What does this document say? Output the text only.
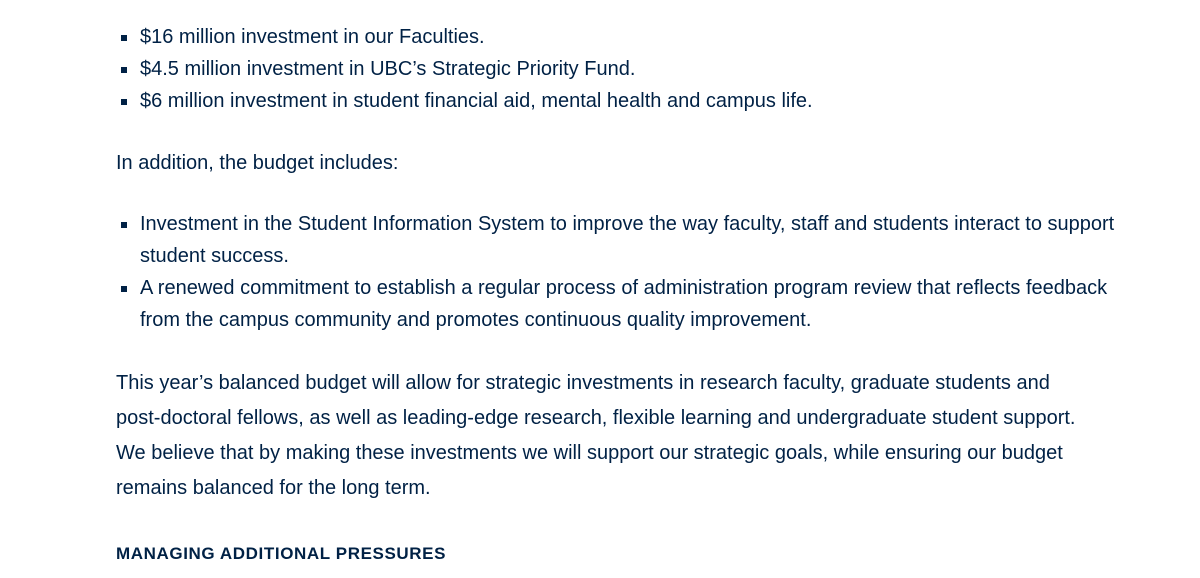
$16 million investment in our Faculties.
$4.5 million investment in UBC’s Strategic Priority Fund.
$6 million investment in student financial aid, mental health and campus life.

In addition, the budget includes:

Investment in the Student Information System to improve the way faculty, staff and students interact to support student success.
A renewed commitment to establish a regular process of administration program review that reflects feedback from the campus community and promotes continuous quality improvement.

This year’s balanced budget will allow for strategic investments in research faculty, graduate students and post-doctoral fellows, as well as leading-edge research, flexible learning and undergraduate student support. We believe that by making these investments we will support our strategic goals, while ensuring our budget remains balanced for the long term.

MANAGING ADDITIONAL PRESSURES
